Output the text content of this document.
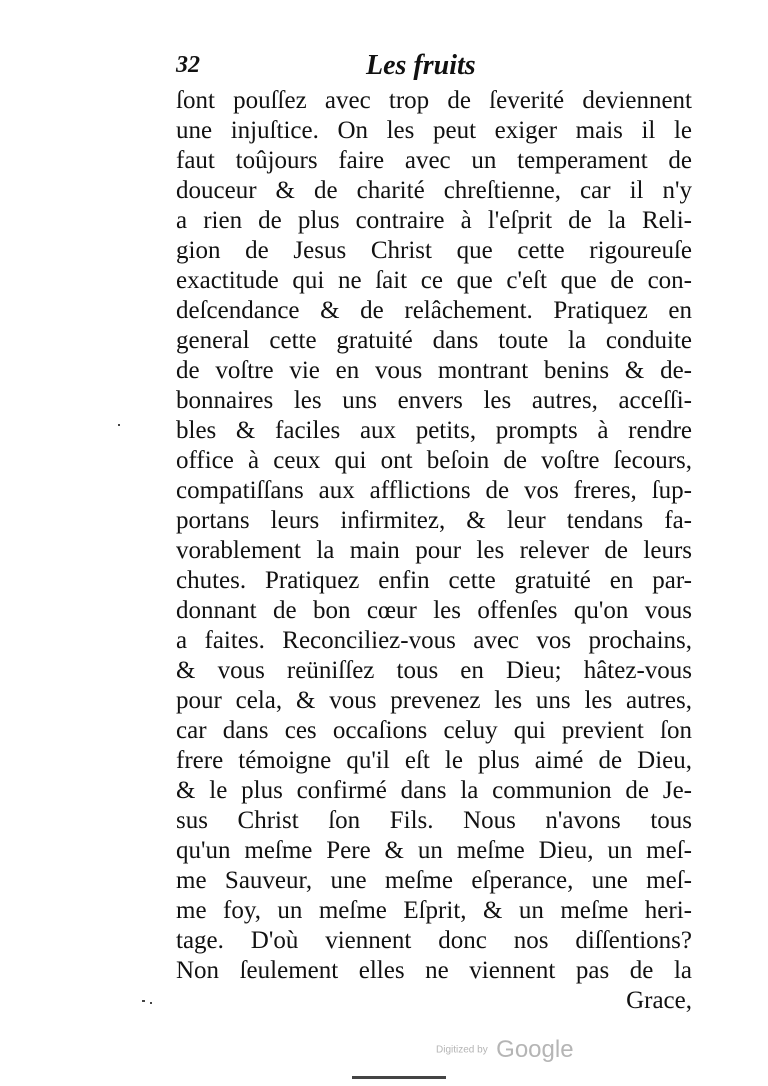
32	Les fruits
ſont pouſſez avec trop de ſeverité deviennent
une injuſtice. On les peut exiger mais il le
faut toûjours faire avec un temperament de
douceur & de charité chreſtienne, car il n'y
a rien de plus contraire à l'eſprit de la Reli-
gion de Jesus Christ que cette rigoureuſe
exactitude qui ne ſait ce que c'eſt que de con-
deſcendance & de relâchement. Pratiquez en
general cette gratuité dans toute la conduite
de voſtre vie en vous montrant benins & de-
bonnaires les uns envers les autres, acceſſi-
bles & faciles aux petits, prompts à rendre
office à ceux qui ont beſoin de voſtre ſecours,
compatiſſans aux afflictions de vos freres, ſup-
portans leurs infirmitez, & leur tendans fa-
vorablement la main pour les relever de leurs
chutes. Pratiquez enfin cette gratuité en par-
donnant de bon cœur les offenſes qu'on vous
a faites. Reconciliez-vous avec vos prochains,
& vous reüniſſez tous en Dieu; hâtez-vous
pour cela, & vous prevenez les uns les autres,
car dans ces occaſions celuy qui previent ſon
frere témoigne qu'il eſt le plus aimé de Dieu,
& le plus confirmé dans la communion de Je-
sus Christ ſon Fils. Nous n'avons tous
qu'un meſme Pere & un meſme Dieu, un meſ-
me Sauveur, une meſme eſperance, une meſ-
me foy, un meſme Eſprit, & un meſme heri-
tage. D'où viennent donc nos diſſentions?
Non ſeulement elles ne viennent pas de la
Grace,
Digitized by Google
